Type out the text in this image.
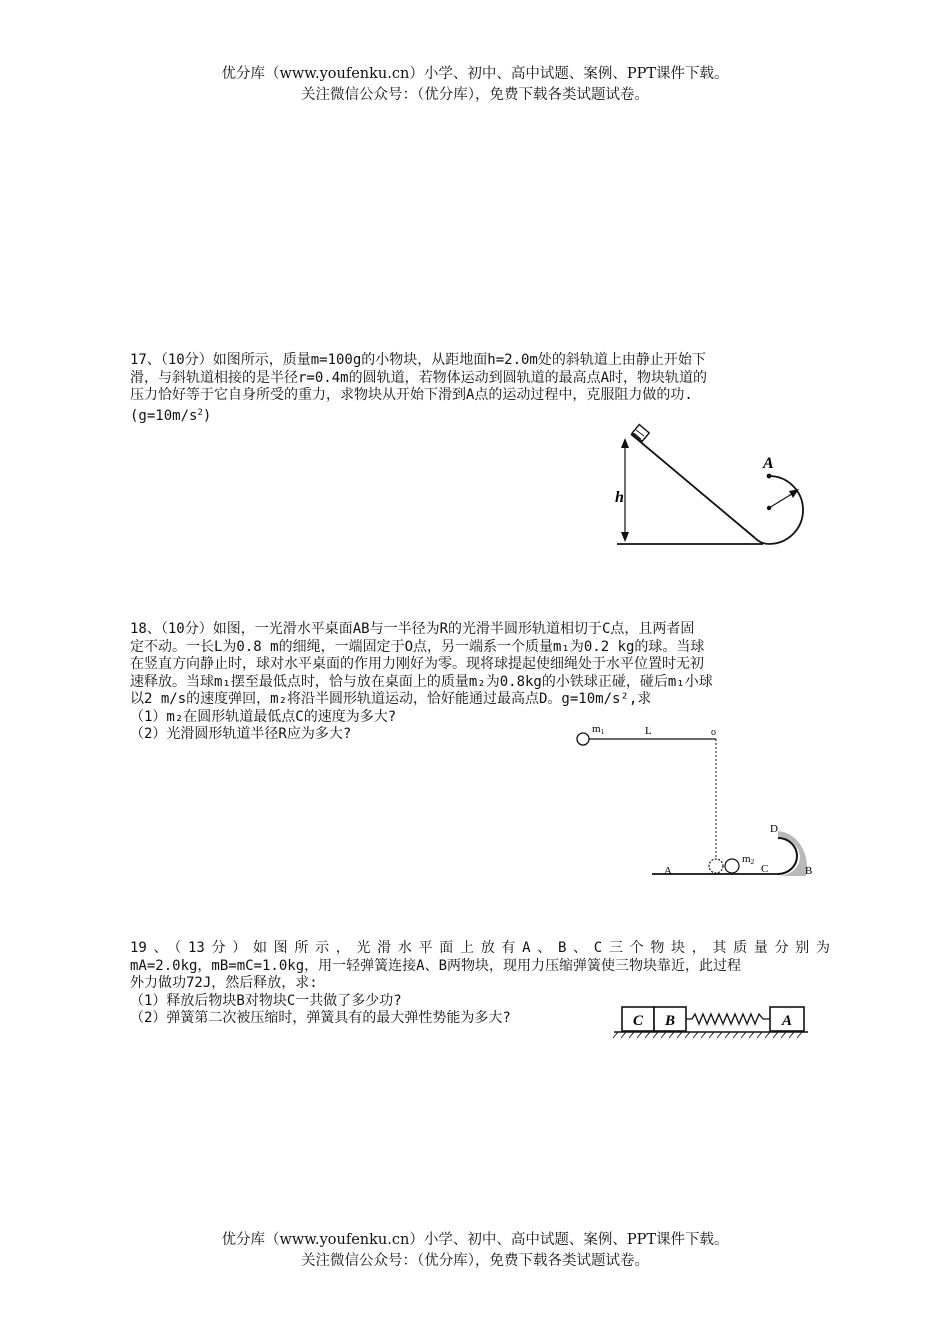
优分库（www.youfenku.cn）小学、初中、高中试题、案例、PPT课件下载。
关注微信公众号：（优分库），免费下载各类试题试卷。

17、（10分）如图所示，质量m=100g的小物块，从距地面h=2.0m处的斜轨道上由静止开始下

滑，与斜轨道相接的是半径r=0.4m的圆轨道，若物体运动到圆轨道的最高点A时，物块轨道的

压力恰好等于它自身所受的重力，求物块从开始下滑到A点的运动过程中，克服阻力做的功.

$(g=10m/s^2)$

h
A

18、（10分）如图，一光滑水平桌面AB与一半径为R的光滑半圆形轨道相切于C点，且两者固

定不动。一长L为0.8 m的细绳，一端固定于O点，另一端系一个质量m₁为0.2 kg的球。当球

在竖直方向静止时，球对水平桌面的作用力刚好为零。现将球提起使细绳处于水平位置时无初

速释放。当球m₁摆至最低点时，恰与放在桌面上的质量m₂为0.8kg的小铁球正碰，碰后m₁小球

以2 m/s的速度弹回，m₂将沿半圆形轨道运动，恰好能通过最高点D。g=10m/s²,求

（1）m₂在圆形轨道最低点C的速度为多大?

（2）光滑圆形轨道半径R应为多大?	m1	L	o
m2
A	C
D
B

19、（13分）如图所示，光滑水平面上放有A、B、C三个物块，其质量分别为

mA=2.0kg，mB=mC=1.0kg，用一轻弹簧连接A、B两物块，现用力压缩弹簧使三物块靠近，此过程

外力做功72J，然后释放，求:

（1）释放后物块B对物块C一共做了多少功?

（2）弹簧第二次被压缩时，弹簧具有的最大弹性势能为多大?	C B	A
优分库（www.youfenku.cn）小学、初中、高中试题、案例、PPT课件下载。
关注微信公众号：（优分库），免费下载各类试题试卷。
